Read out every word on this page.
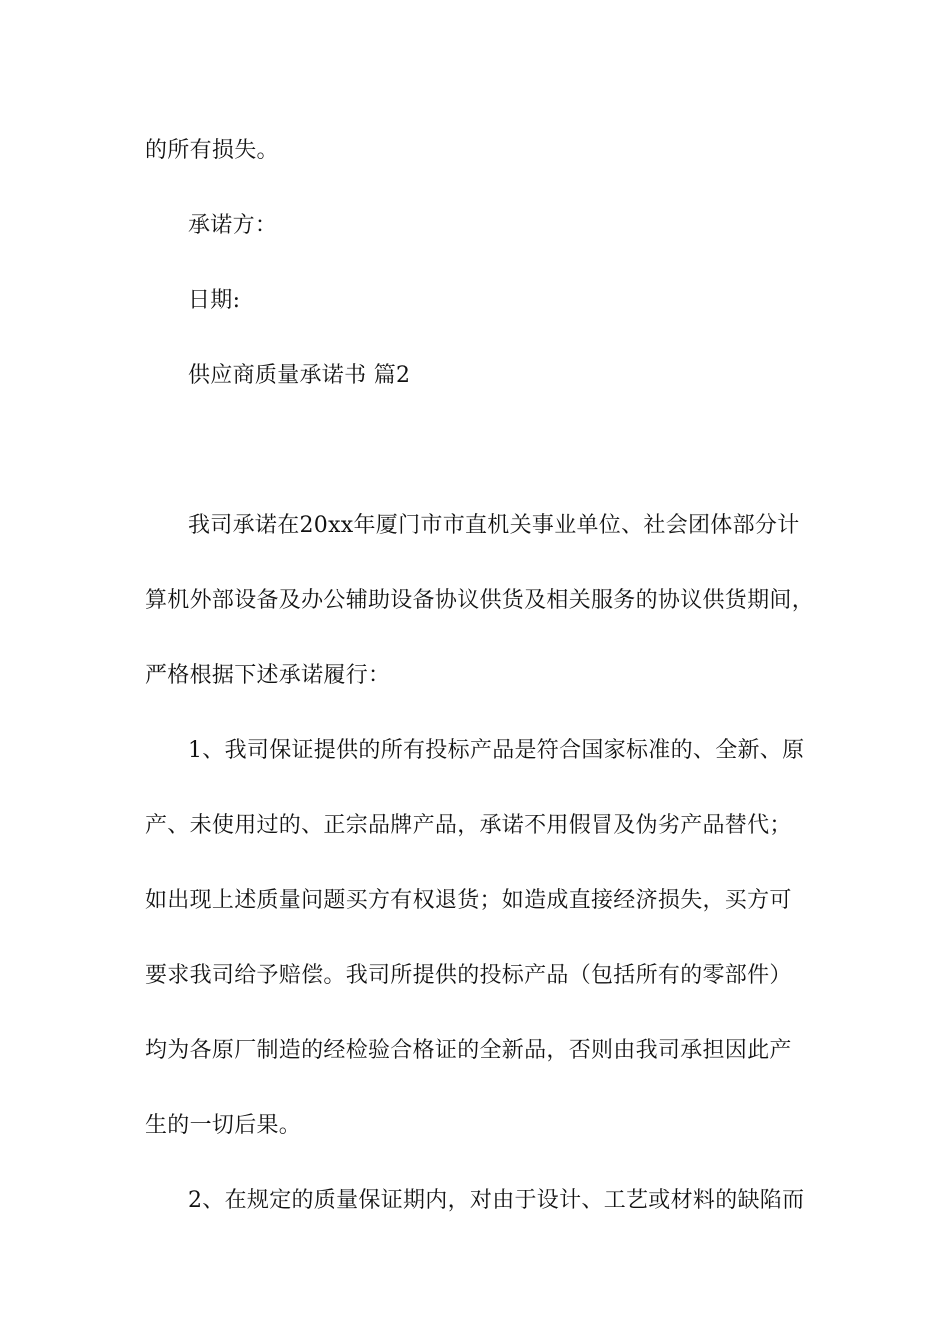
的所有损失。
承诺方：
日期:
供应商质量承诺书 篇2
我司承诺在20xx年厦门市市直机关事业单位、社会团体部分计
算机外部设备及办公辅助设备协议供货及相关服务的协议供货期间，
严格根据下述承诺履行：
1、我司保证提供的所有投标产品是符合国家标准的、全新、原
产、未使用过的、正宗品牌产品，承诺不用假冒及伪劣产品替代；
如出现上述质量问题买方有权退货；如造成直接经济损失，买方可
要求我司给予赔偿。我司所提供的投标产品（包括所有的零部件）
均为各原厂制造的经检验合格证的全新品，否则由我司承担因此产
生的一切后果。
2、在规定的质量保证期内，对由于设计、工艺或材料的缺陷而
